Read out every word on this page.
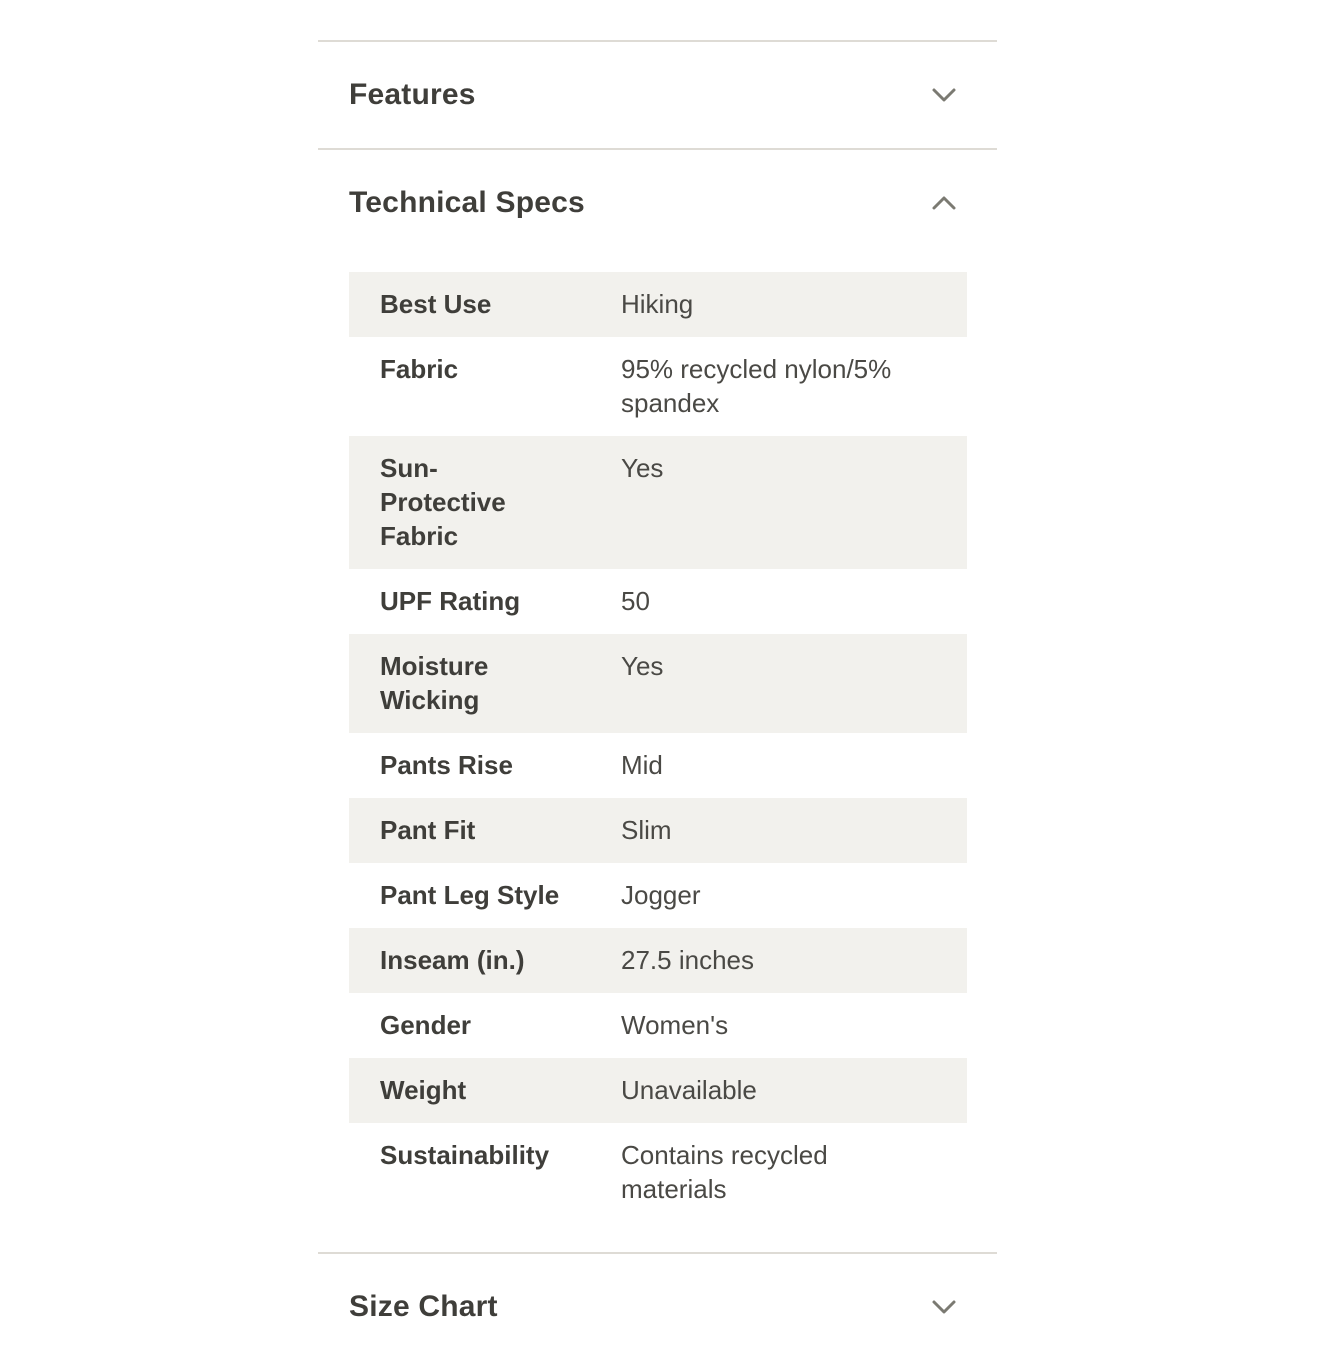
Features
Technical Specs
Best Use	Hiking

Fabric	95% recycled nylon/5% spandex

Sun-Protective Fabric	Yes

UPF Rating	50

Moisture Wicking	Yes

Pants Rise	Mid

Pant Fit	Slim

Pant Leg Style	Jogger

Inseam (in.)	27.5 inches

Gender	Women's

Weight	Unavailable

Sustainability	Contains recycled materials
Size Chart
